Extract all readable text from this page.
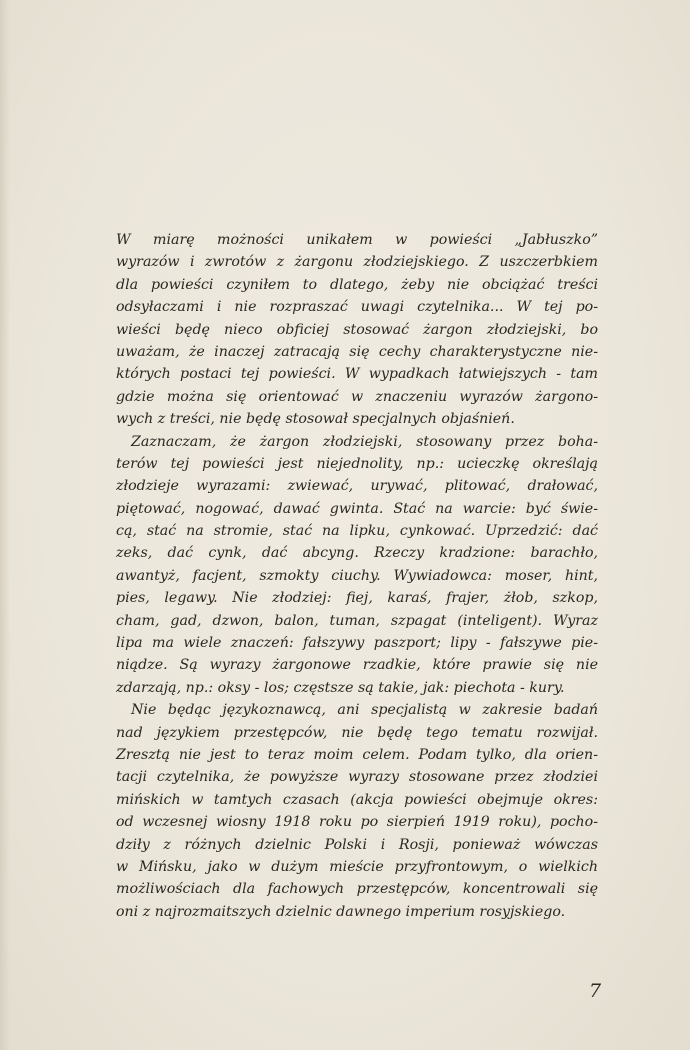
W miarę możności unikałem w powieści „Jabłuszko”
wyrazów i zwrotów z żargonu złodziejskiego. Z uszczerbkiem
dla powieści czyniłem to dlatego, żeby nie obciążać treści
odsyłaczami i nie rozpraszać uwagi czytelnika... W tej po-
wieści będę nieco obficiej stosować żargon złodziejski, bo
uważam, że inaczej zatracają się cechy charakterystyczne nie-
których postaci tej powieści. W wypadkach łatwiejszych - tam
gdzie można się orientować w znaczeniu wyrazów żargono-
wych z treści, nie będę stosował specjalnych objaśnień.
Zaznaczam, że żargon złodziejski, stosowany przez boha-
terów tej powieści jest niejednolity, np.: ucieczkę określają
złodzieje wyrazami: zwiewać, urywać, plitować, drałować,
piętować, nogować, dawać gwinta. Stać na warcie: być świe-
cą, stać na stromie, stać na lipku, cynkować. Uprzedzić: dać
zeks, dać cynk, dać abcyng. Rzeczy kradzione: barachło,
awantyż, facjent, szmokty ciuchy. Wywiadowca: moser, hint,
pies, legawy. Nie złodziej: fiej, karaś, frajer, żłob, szkop,
cham, gad, dzwon, balon, tuman, szpagat (inteligent). Wyraz
lipa ma wiele znaczeń: fałszywy paszport; lipy - fałszywe pie-
niądze. Są wyrazy żargonowe rzadkie, które prawie się nie
zdarzają, np.: oksy - los; częstsze są takie, jak: piechota - kury.
Nie będąc językoznawcą, ani specjalistą w zakresie badań
nad językiem przestępców, nie będę tego tematu rozwijał.
Zresztą nie jest to teraz moim celem. Podam tylko, dla orien-
tacji czytelnika, że powyższe wyrazy stosowane przez złodziei
mińskich w tamtych czasach (akcja powieści obejmuje okres:
od wczesnej wiosny 1918 roku po sierpień 1919 roku), pocho-
dziły z różnych dzielnic Polski i Rosji, ponieważ wówczas
w Mińsku, jako w dużym mieście przyfrontowym, o wielkich
możliwościach dla fachowych przestępców, koncentrowali się
oni z najrozmaitszych dzielnic dawnego imperium rosyjskiego.
7
